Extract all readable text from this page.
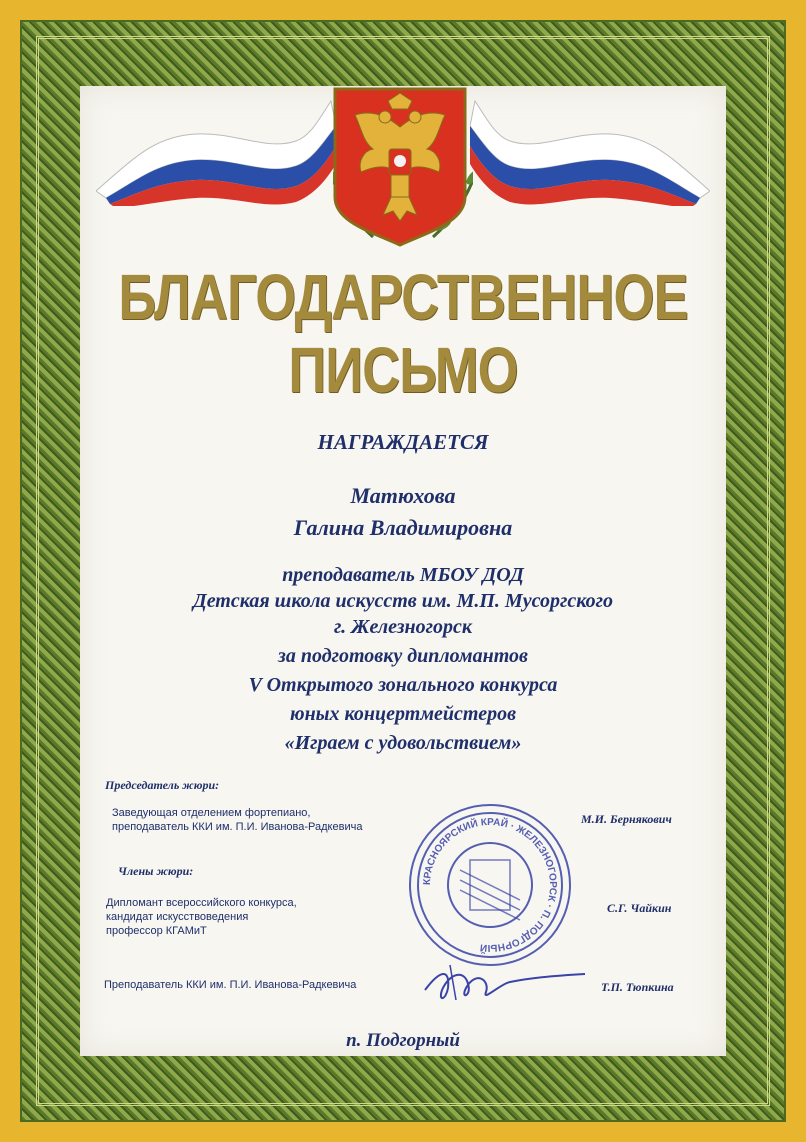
БЛАГОДАРСТВЕННОЕ
ПИСЬМО
НАГРАЖДАЕТСЯ
Матюхова
Галина Владимировна
преподаватель МБОУ ДОД
Детская школа искусств им. М.П. Мусоргского
г. Железногорск
за подготовку дипломантов
V Открытого зонального конкурса
юных концертмейстеров
«Играем с удовольствием»
Председатель жюри:
Заведующая отделением фортепиано,
преподаватель ККИ им. П.И. Иванова-Радкевича
М.И. Бернякович
Члены жюри:
Дипломант всероссийского конкурса,
кандидат искусствоведения
профессор КГАМиТ
С.Г. Чайкин
Преподаватель ККИ им. П.И. Иванова-Радкевича	Т.П. Тюпкина
КРАСНОЯРСКИЙ КРАЙ · ЖЕЛЕЗНОГОРСК · П. ПОДГОРНЫЙ
п. Подгорный
